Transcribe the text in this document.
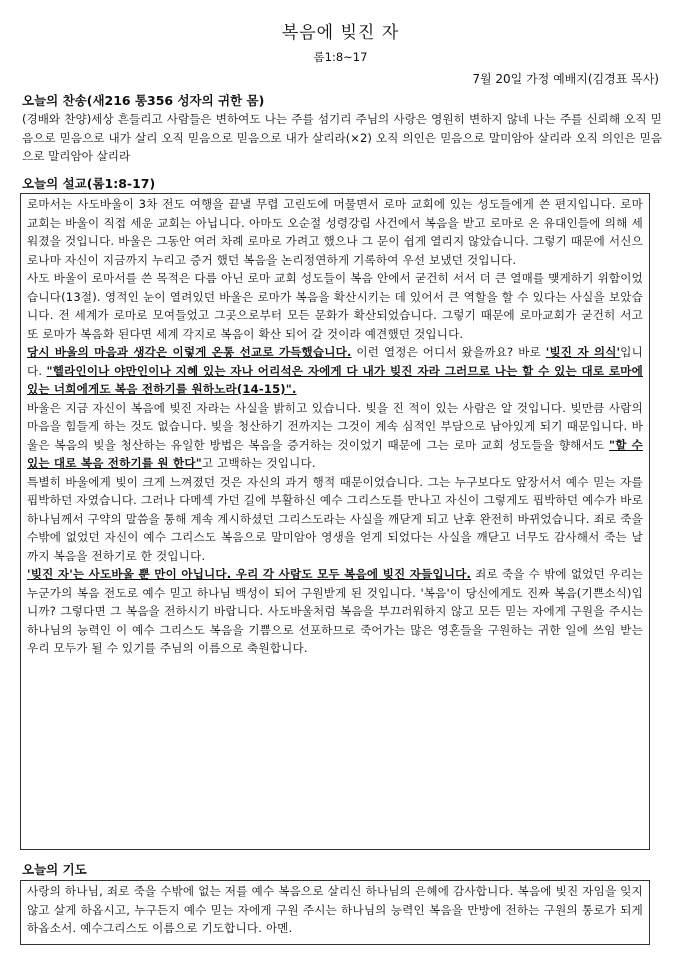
복음에 빚진 자
롬1:8~17
7월 20일 가정 예배지(김경표 목사)
오늘의 찬송(새216 통356 성자의 귀한 몸)
(경배와 찬양)세상 흔들리고 사람들은 변하여도 나는 주를 섬기리 주님의 사랑은 영원히 변하지 않네 나는 주를 신뢰해 오직 믿음으로 믿음으로 내가 살리 오직 믿음으로 믿음으로 내가 살리라(×2) 오직 의인은 믿음으로 말미암아 살리라 오직 의인은 믿음으로 말리암아 살리라
오늘의 설교(롬1:8-17)

로마서는 사도바울이 3차 전도 여행을 끝낼 무렵 고린도에 머물면서 로마 교회에 있는 성도들에게 쓴 편지입니다. 로마 교회는 바울이 직접 세운 교회는 아닙니다. 아마도 오순절 성령강림 사건에서 복음을 받고 로마로 온 유대인들에 의해 세워졌을 것입니다. 바울은 그동안 여러 차례 로마로 가려고 했으나 그 문이 쉽게 열리지 않았습니다. 그렇기 때문에 서신으로나마 자신이 지금까지 누리고 증거 했던 복음을 논리정연하게 기록하여 우선 보냈던 것입니다.

사도 바울이 로마서를 쓴 목적은 다름 아닌 로마 교회 성도들이 복음 안에서 굳건히 서서 더 큰 열매를 맺게하기 위함이었습니다(13절). 영적인 눈이 열려있던 바울은 로마가 복음을 확산시키는 데 있어서 큰 역할을 할 수 있다는 사실을 보았습니다. 전 세계가 로마로 모여들었고 그곳으로부터 모든 문화가 확산되었습니다. 그렇기 때문에 로마교회가 굳건히 서고 또 로마가 복음화 된다면 세계 각지로 복음이 확산 되어 갈 것이라 예견했던 것입니다.

당시 바울의 마음과 생각은 이렇게 온통 선교로 가득했습니다. 이런 열정은 어디서 왔을까요? 바로 '빚진 자 의식'입니다. "헬라인이나 야만인이나 지혜 있는 자나 어리석은 자에게 다 내가 빚진 자라 그러므로 나는 할 수 있는 대로 로마에 있는 너희에게도 복음 전하기를 원하노라(14-15)".

바울은 지금 자신이 복음에 빚진 자라는 사실을 밝히고 있습니다. 빚을 진 적이 있는 사람은 알 것입니다. 빚만큼 사람의 마음을 힘들게 하는 것도 없습니다. 빚을 청산하기 전까지는 그것이 계속 심적인 부담으로 남아있게 되기 때문입니다. 바울은 복음의 빚을 청산하는 유일한 방법은 복음을 증거하는 것이었기 때문에 그는 로마 교회 성도들을 향해서도 "할 수 있는 대로 복음 전하기를 원 한다"고 고백하는 것입니다.

특별히 바울에게 빚이 크게 느껴졌던 것은 자신의 과거 행적 때문이었습니다. 그는 누구보다도 앞장서서 예수 믿는 자를 핍박하던 자였습니다. 그러나 다메섹 가던 길에 부활하신 예수 그리스도를 만나고 자신이 그렇게도 핍박하던 예수가 바로 하나님께서 구약의 말씀을 통해 계속 계시하셨던 그리스도라는 사실을 깨닫게 되고 난후 완전히 바뀌었습니다. 죄로 죽을 수밖에 없었던 자신이 예수 그리스도 복음으로 말미암아 영생을 얻게 되었다는 사실을 깨닫고 너무도 감사해서 죽는 날 까지 복음을 전하기로 한 것입니다.

'빚진 자'는 사도바울 뿐 만이 아닙니다. 우리 각 사람도 모두 복음에 빚진 자들입니다. 죄로 죽을 수 밖에 없었던 우리는 누군가의 복음 전도로 예수 믿고 하나님 백성이 되어 구원받게 된 것입니다. '복음'이 당신에게도 진짜 복음(기쁜소식)입니까? 그렇다면 그 복음을 전하시기 바랍니다. 사도바울처럼 복음을 부끄러워하지 않고 모든 믿는 자에게 구원을 주시는 하나님의 능력인 이 예수 그리스도 복음을 기쁨으로 선포하므로 죽어가는 많은 영혼들을 구원하는 귀한 일에 쓰임 받는 우리 모두가 될 수 있기를 주님의 이름으로 축원합니다.

오늘의 기도

사랑의 하나님, 죄로 죽을 수밖에 없는 저를 예수 복음으로 살리신 하나님의 은혜에 감사합니다. 복음에 빚진 자임을 잊지 않고 살게 하옵시고, 누구든지 예수 믿는 자에게 구원 주시는 하나님의 능력인 복음을 만방에 전하는 구원의 통로가 되게 하옵소서. 예수그리스도 이름으로 기도합니다. 아멘.
